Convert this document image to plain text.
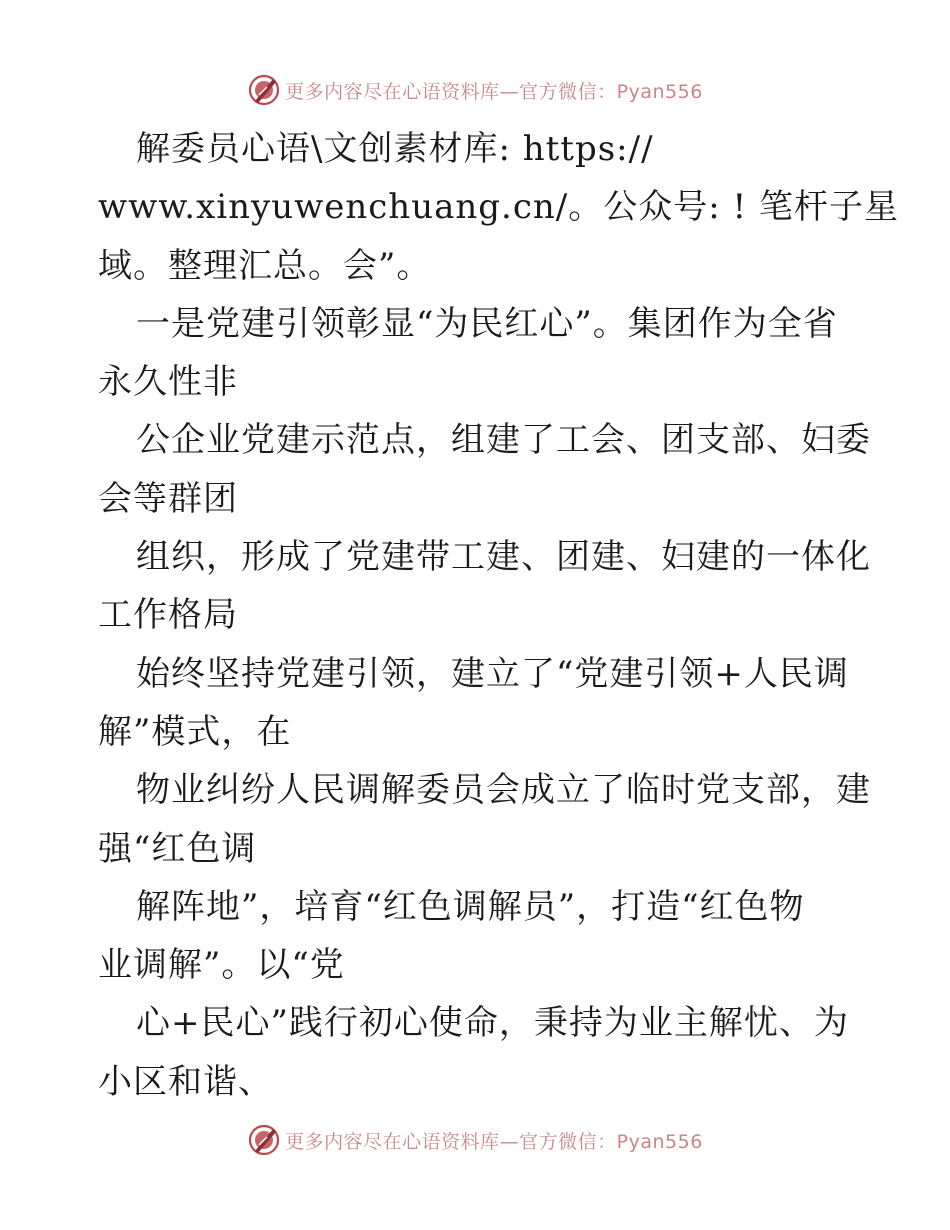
更多内容尽在心语资料库—官方微信：Pyan556
解委员心语\文创素材库: https://
www.xinyuwenchuang.cn/。公众号: ! 笔杆子星
域。整理汇总。会”。
一是党建引领彰显“为民红心”。集团作为全省
永久性非
公企业党建示范点，组建了工会、团支部、妇委
会等群团
组织，形成了党建带工建、团建、妇建的一体化
工作格局
始终坚持党建引领，建立了“党建引领+人民调
解”模式，在
物业纠纷人民调解委员会成立了临时党支部，建
强“红色调
解阵地”，培育“红色调解员”，打造“红色物
业调解”。以“党
心+民心”践行初心使命，秉持为业主解忧、为
小区和谐、
更多内容尽在心语资料库—官方微信：Pyan556
